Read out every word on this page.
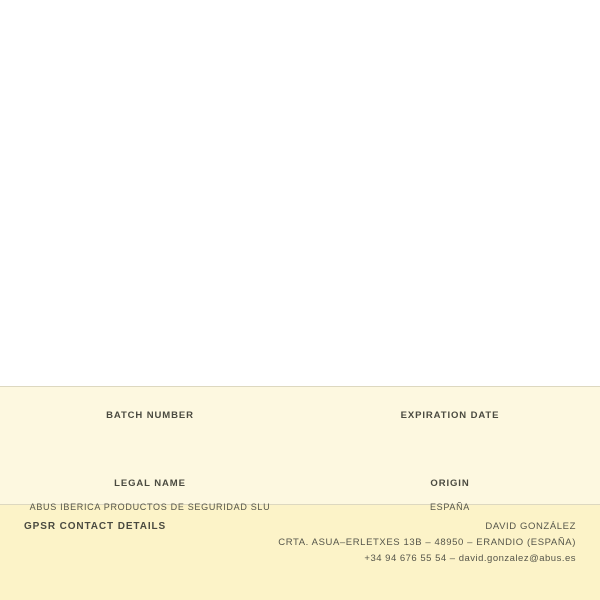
BATCH NUMBER	EXPIRATION DATE
LEGAL NAME
ABUS IBERICA PRODUCTOS DE SEGURIDAD SLU
ORIGIN
ESPAÑA
GPSR CONTACT DETAILS	DAVID GONZÁLEZ
CRTA. ASUA–ERLETXES 13B – 48950 – ERANDIO (ESPAÑA)
+34 94 676 55 54 – david.gonzalez@abus.es
